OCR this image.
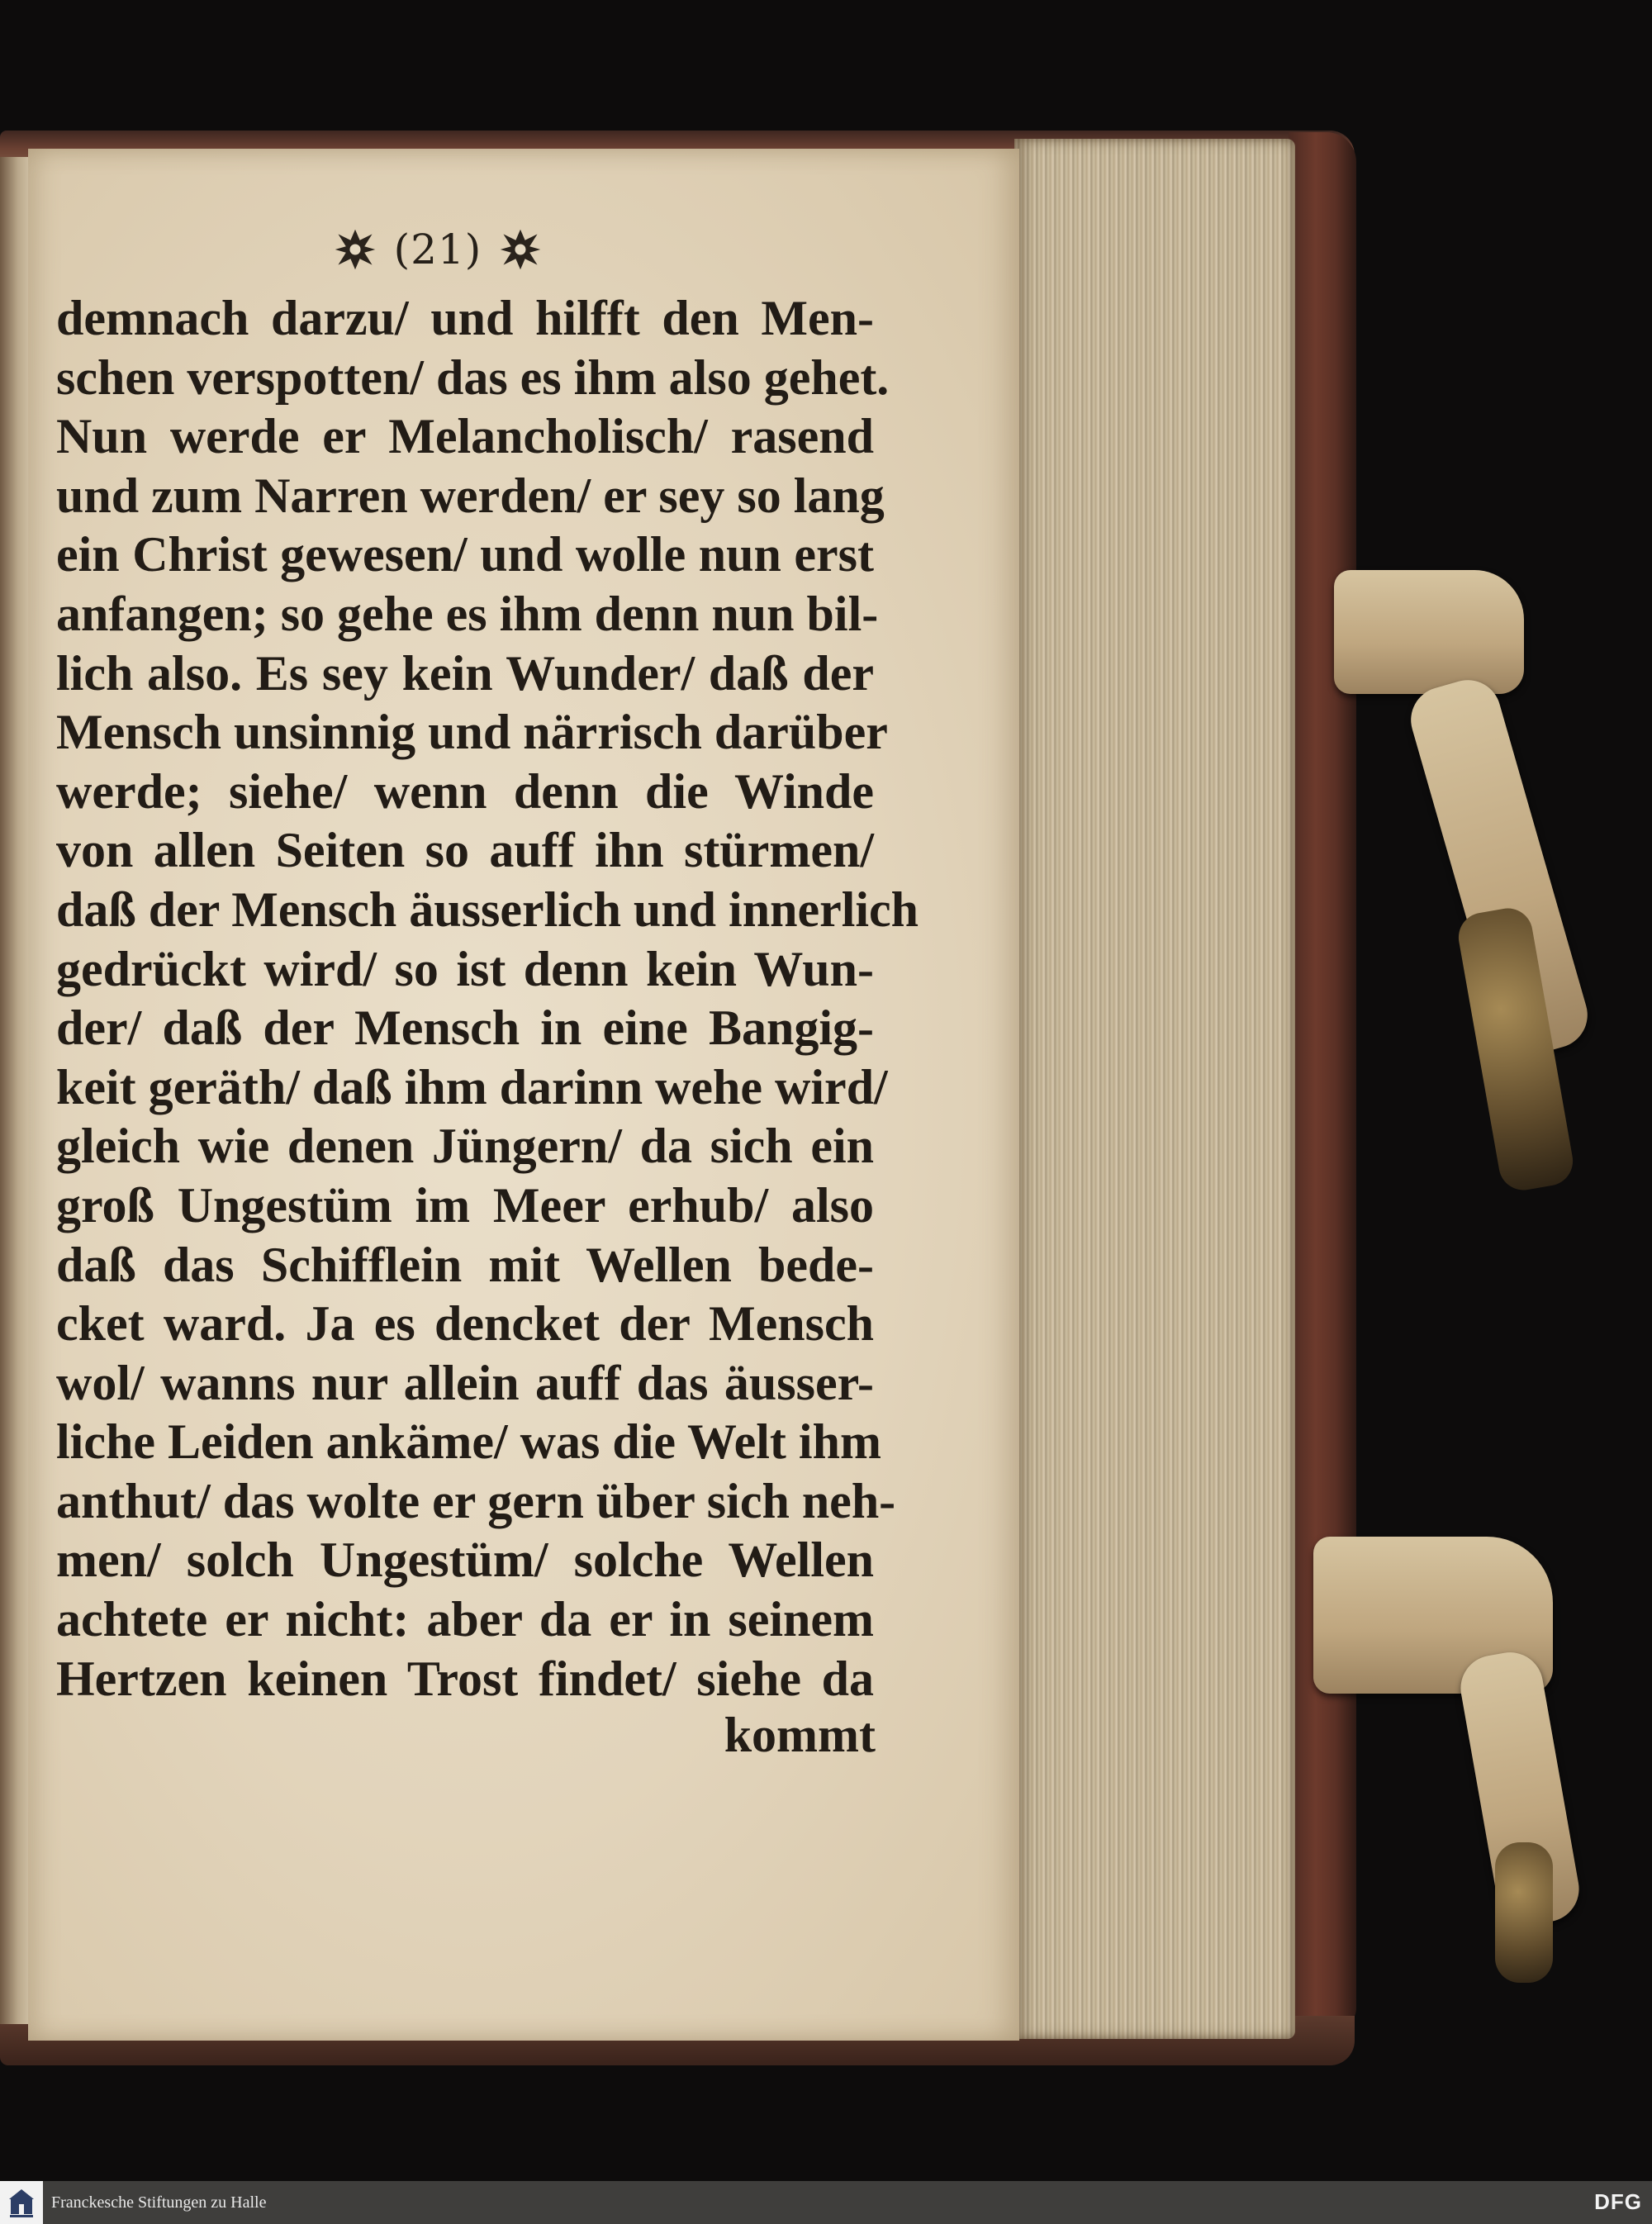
(21)
demnach darzu/ und hilfft den Men-
schen verspotten/ das es ihm also gehet.
Nun werde er Melancholisch/ rasend
und zum Narren werden/ er sey so lang
ein Christ gewesen/ und wolle nun erst
anfangen; so gehe es ihm denn nun bil-
lich also. Es sey kein Wunder/ daß der
Mensch unsinnig und närrisch darüber
werde; siehe/ wenn denn die Winde
von allen Seiten so auff ihn stürmen/
daß der Mensch äusserlich und innerlich
gedrückt wird/ so ist denn kein Wun-
der/ daß der Mensch in eine Bangig-
keit geräth/ daß ihm darinn wehe wird/
gleich wie denen Jüngern/ da sich ein
groß Ungestüm im Meer erhub/ also
daß das Schifflein mit Wellen bede-
cket ward. Ja es dencket der Mensch
wol/ wanns nur allein auff das äusser-
liche Leiden ankäme/ was die Welt ihm
anthut/ das wolte er gern über sich neh-
men/ solch Ungestüm/ solche Wellen
achtete er nicht: aber da er in seinem
Hertzen keinen Trost findet/ siehe da
kommt
Franckesche Stiftungen zu Halle	DFG
